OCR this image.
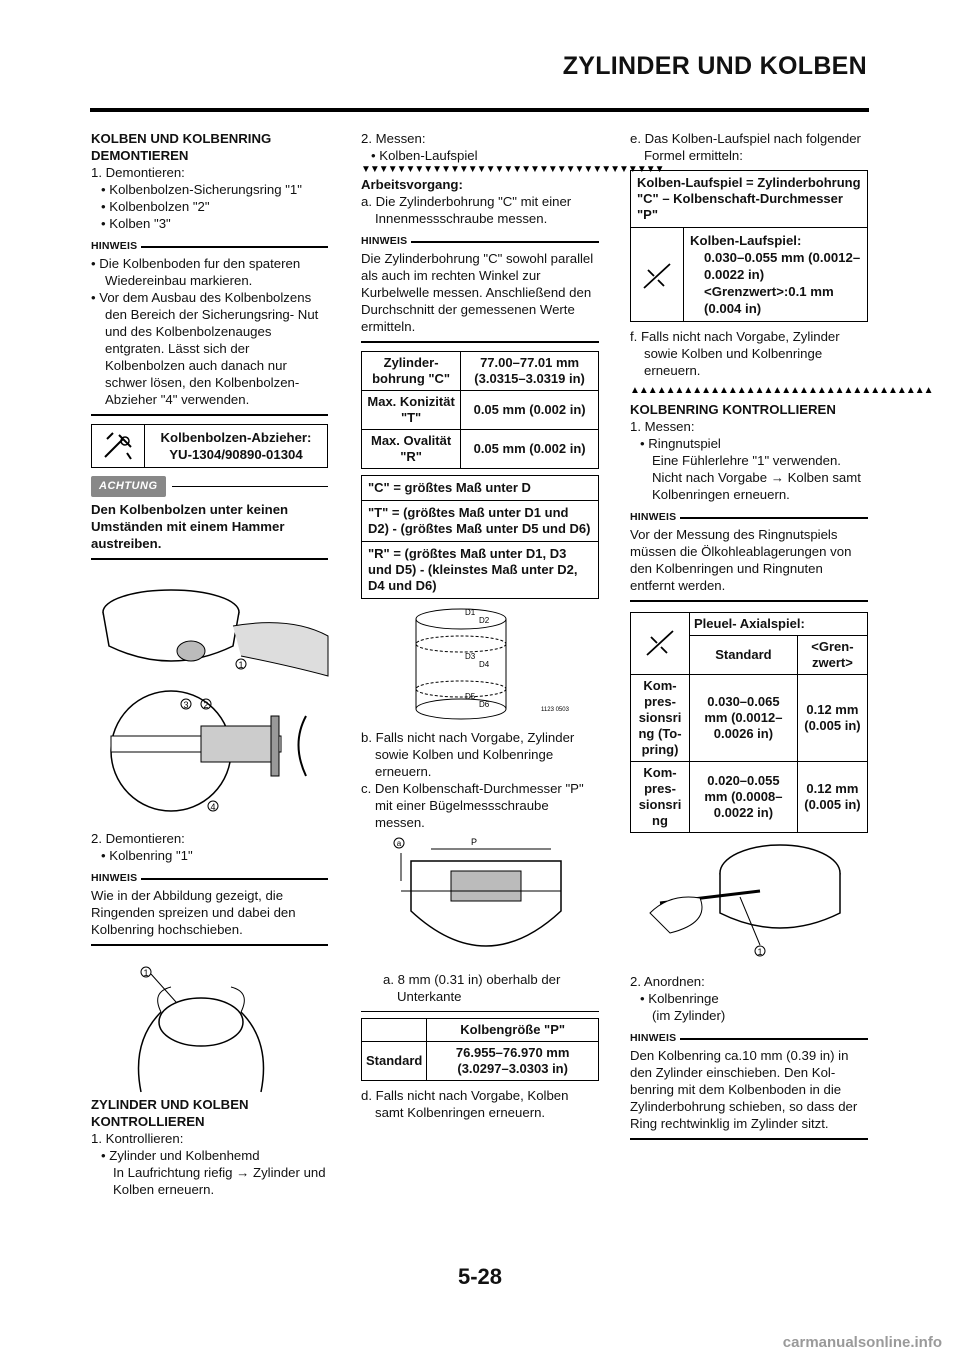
ZYLINDER UND KOLBEN

KOLBEN UND KOLBENRING DEMONTIEREN

1. Demontieren:

• Kolbenbolzen-Sicherungsring "1"

• Kolbenbolzen "2"

• Kolben "3"

HINWEIS

• Die Kolbenboden fur den spateren Wiedereinbau markieren.

• Vor dem Ausbau des Kolbenbolzens den Bereich der Sicherungsring- Nut und des Kolbenbolzenauges entgraten. Lässt sich der Kolbenbolzen auch danach nur schwer lösen, den Kolbenbolzen- Abzieher "4" verwenden.

Kolbenbolzen-Abzieher: YU-1304/90890-01304
ACHTUNG

Den Kolbenbolzen unter keinen Umständen mit einem Hammer austreiben.

1
3 2
4

2. Demontieren:

• Kolbenring "1"

HINWEIS

Wie in der Abbildung gezeigt, die Ringenden spreizen und dabei den Kolbenring hochschieben.

1

ZYLINDER UND KOLBEN KONTROLLIEREN

1. Kontrollieren:

• Zylinder und Kolbenhemd

In Laufrichtung riefig → Zylinder und Kolben erneuern.

2. Messen:

• Kolben-Laufspiel

▼▼▼▼▼▼▼▼▼▼▼▼▼▼▼▼▼▼▼▼▼▼▼▼▼▼▼▼▼▼▼▼▼▼

Arbeitsvorgang:

a. Die Zylinderbohrung "C" mit einer Innenmessschraube messen.

HINWEIS

Die Zylinderbohrung "C" sowohl parallel als auch im rechten Winkel zur Kurbelwelle messen. Anschließend den Durchschnitt der gemessenen Werte ermitteln.

Zylinderbohrung "C"	77.00–77.01 mm (3.0315–3.0319 in)
Max. Konizität "T"	0.05 mm (0.002 in)
Max. Ovalität "R"	0.05 mm (0.002 in)
"C" = größtes Maß unter D
"T" = (größtes Maß unter D1 und D2) - (größtes Maß unter D5 und D6)
"R" = (größtes Maß unter D1, D3 und D5) - (kleinstes Maß unter D2, D4 und D6)
D1
D2
D3
D4
D5
D6
1123 0503

b. Falls nicht nach Vorgabe, Zylinder sowie Kolben und Kolbenringe erneuern.

c. Den Kolbenschaft-Durchmesser "P" mit einer Bügelmessschraube messen.

a	P

a. 8 mm (0.31 in) oberhalb der Unterkante

	Kolbengröße "P"
Standard	76.955–76.970 mm (3.0297–3.0303 in)

d. Falls nicht nach Vorgabe, Kolben samt Kolbenringen erneuern.

e. Das Kolben-Laufspiel nach folgender Formel ermitteln:

Kolben-Laufspiel = Zylinderbohrung "C" – Kolbenschaft-Durchmesser "P"
Kolben-Laufspiel:
0.030–0.055 mm (0.0012–0.0022 in)
<Grenzwert>:0.1 mm (0.004 in)

f. Falls nicht nach Vorgabe, Zylinder sowie Kolben und Kolbenringe erneuern.

▲▲▲▲▲▲▲▲▲▲▲▲▲▲▲▲▲▲▲▲▲▲▲▲▲▲▲▲▲▲▲▲▲▲

KOLBENRING KONTROLLIEREN

1. Messen:

• Ringnutspiel

Eine Fühlerlehre "1" verwenden. Nicht nach Vorgabe → Kolben samt Kolbenringen erneuern.

HINWEIS

Vor der Messung des Ringnutspiels müssen die Ölkohleablagerungen von den Kolbenringen und Ringnuten entfernt werden.

	Pleuel- Axialspiel:	
	Standard	<Grenzwert>
Kompressionsri ng (Topring)	0.030–0.065 mm (0.0012–0.0026 in)	0.12 mm (0.005 in)
Kompressionsri ng	0.020–0.055 mm (0.0008–0.0022 in)	0.12 mm (0.005 in)
1

2. Anordnen:

• Kolbenringe

(im Zylinder)

HINWEIS

Den Kolbenring ca.10 mm (0.39 in) in den Zylinder einschieben. Den Kolbenring mit dem Kolbenboden in die Zylinderbohrung schieben, so dass der Ring rechtwinklig im Zylinder sitzt.

5-28
carmanualsonline.info
